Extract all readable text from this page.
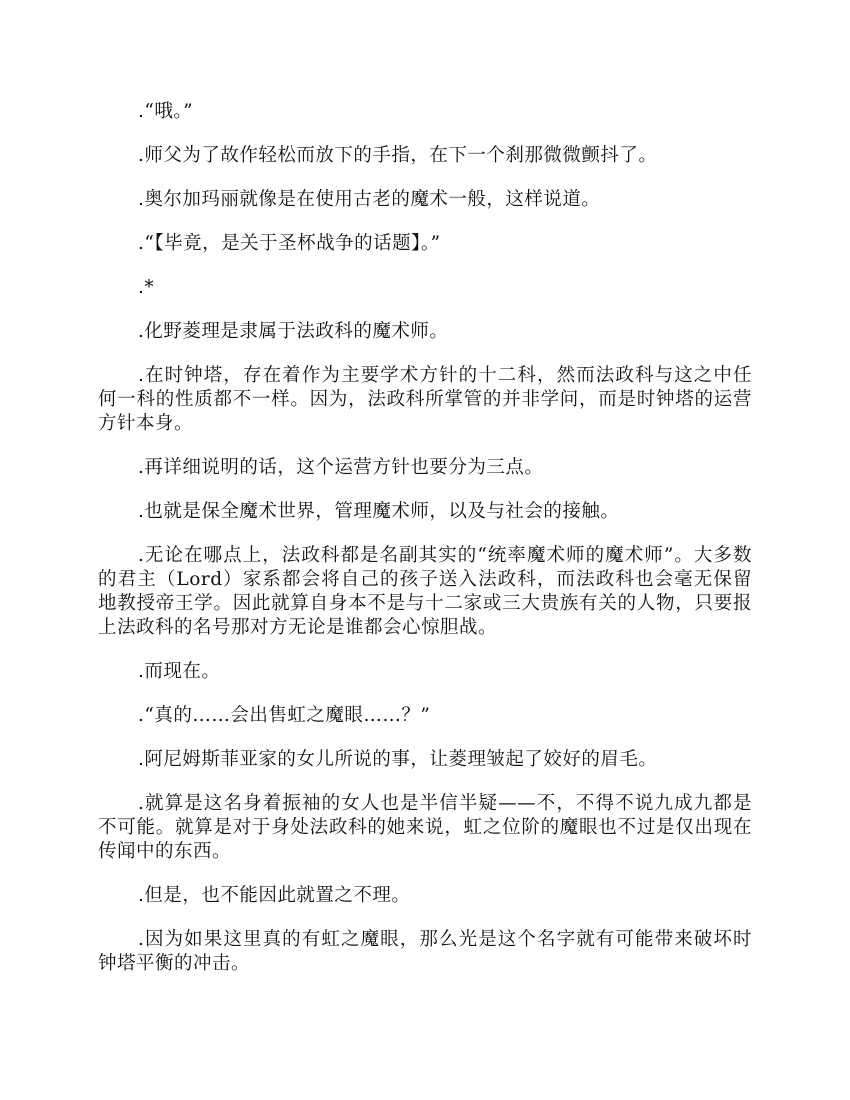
.“哦。”

.师父为了故作轻松而放下的手指，在下一个刹那微微颤抖了。

.奥尔加玛丽就像是在使用古老的魔术一般，这样说道。

.“【毕竟，是关于圣杯战争的话题】。”

.*

.化野菱理是隶属于法政科的魔术师。

.在时钟塔，存在着作为主要学术方针的十二科，然而法政科与这之中任何一科的性质都不一样。因为，法政科所掌管的并非学问，而是时钟塔的运营方针本身。

.再详细说明的话，这个运营方针也要分为三点。

.也就是保全魔术世界，管理魔术师，以及与社会的接触。

.无论在哪点上，法政科都是名副其实的“统率魔术师的魔术师”。大多数的君主（Lord）家系都会将自己的孩子送入法政科，而法政科也会毫无保留地教授帝王学。因此就算自身本不是与十二家或三大贵族有关的人物，只要报上法政科的名号那对方无论是谁都会心惊胆战。

.而现在。

.“真的……会出售虹之魔眼……？”

.阿尼姆斯菲亚家的女儿所说的事，让菱理皱起了姣好的眉毛。

.就算是这名身着振袖的女人也是半信半疑——不，不得不说九成九都是不可能。就算是对于身处法政科的她来说，虹之位阶的魔眼也不过是仅出现在传闻中的东西。

.但是，也不能因此就置之不理。

.因为如果这里真的有虹之魔眼，那么光是这个名字就有可能带来破坏时钟塔平衡的冲击。
